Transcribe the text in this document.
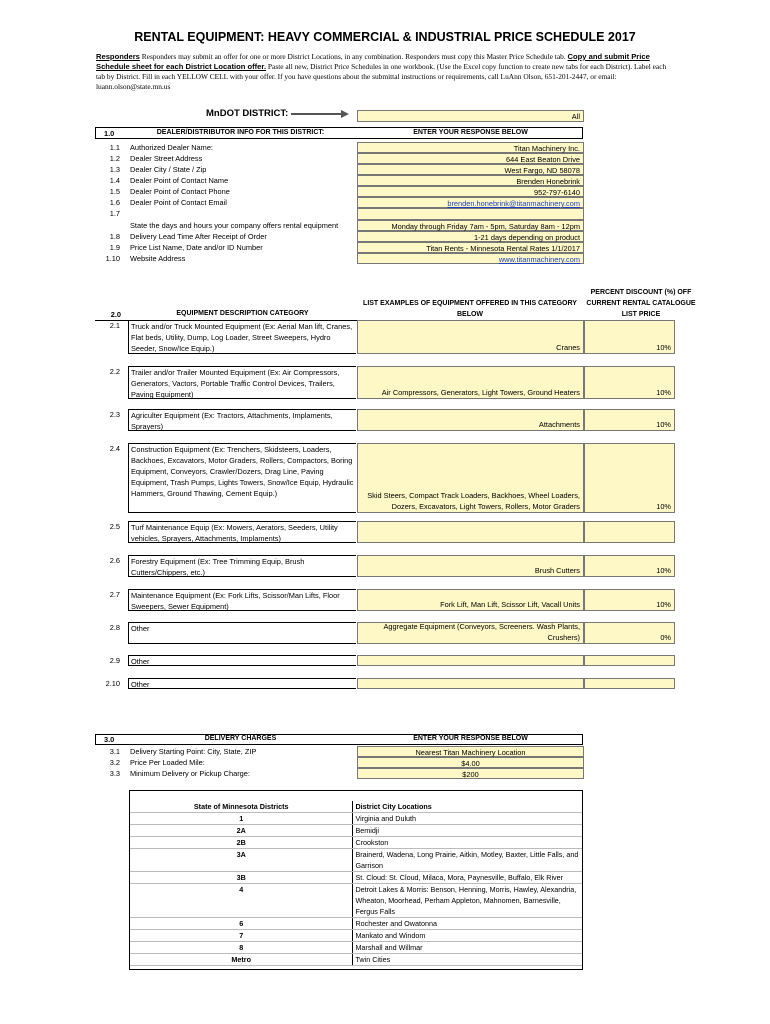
RENTAL EQUIPMENT: HEAVY COMMERCIAL & INDUSTRIAL PRICE SCHEDULE 2017
Responders Responders may submit an offer for one or more District Locations, in any combination. Responders must copy this Master Price Schedule tab. Copy and submit Price Schedule sheet for each District Location offer. Paste all new, District Price Schedules in one workbook. (Use the Excel copy function to create new tabs for each District). Label each tab by District. Fill in each YELLOW CELL with your offer. If you have questions about the submittal instructions or requirements, call LuAnn Olson, 651-201-2447, or email: luann.olson@state.mn.us
MnDOT DISTRICT:	All
1.0	DEALER/DISTRIBUTOR INFO FOR THIS DISTRICT:	ENTER YOUR RESPONSE BELOW
1.1 Authorized Dealer Name:	Titan Machinery Inc.
1.2 Dealer Street Address	644 East Beaton Drive
1.3 Dealer City / State / Zip	West Fargo, ND 58078
1.4 Dealer Point of Contact Name	Brenden Honebrink
1.5 Dealer Point of Contact Phone	952-797-6140
1.6 Dealer Point of Contact Email	brenden.honebrink@titanmachinery.com
1.7
State the days and hours your company offers rental equipment	Monday through Friday 7am - 5pm, Saturday 8am - 12pm
1.8 Delivery Lead Time After Receipt of Order	1-21 days depending on product
1.9 Price List Name, Date and/or ID Number	Titan Rents - Minnesota Rental Rates 1/1/2017
1.10 Website Address	www.titanmachinery.com
PERCENT DISCOUNT (%) OFF CURRENT RENTAL CATALOGUE LIST PRICE
LIST EXAMPLES OF EQUIPMENT OFFERED IN THIS CATEGORY BELOW
2.0	EQUIPMENT DESCRIPTION CATEGORY
2.1	Truck and/or Truck Mounted Equipment (Ex: Aerial Man lift, Cranes, Flat beds, Utility, Dump, Log Loader, Street Sweepers, Hydro Seeder, Snow/Ice Equip.)	Cranes	10%
2.2	Trailer and/or Trailer Mounted Equipment (Ex: Air Compressors, Generators, Vactors, Portable Traffic Control Devices, Trailers, Paving Equipment)	Air Compressors, Generators, Light Towers, Ground Heaters	10%
2.3	Agriculter Equipment (Ex: Tractors, Attachments, Implaments, Sprayers)	Attachments	10%
2.4	Construction Equipment (Ex: Trenchers, Skidsteers, Loaders, Backhoes, Excavators, Motor Graders, Rollers, Compactors, Boring Equipment, Conveyors, Crawler/Dozers, Drag Line, Paving Equipment, Trash Pumps, Lights Towers, Snow/Ice Equip, Hydraulic Hammers, Ground Thawing, Cement Equip.)	Skid Steers, Compact Track Loaders, Backhoes, Wheel Loaders, Dozers, Excavators, Light Towers, Rollers, Motor Graders	10%
2.5	Turf Maintenance Equip (Ex: Mowers, Aerators, Seeders, Utility vehicles, Sprayers, Attachments, Implaments)
2.6	Forestry Equipment (Ex: Tree Trimming Equip, Brush Cutters/Chippers, etc.)	Brush Cutters	10%
2.7	Maintenance Equipment (Ex: Fork Lifts, Scissor/Man Lifts, Floor Sweepers, Sewer Equipment)	Fork Lift, Man Lift, Scissor Lift, Vacall Units	10%
2.8	Other	Aggregate Equipment (Conveyors, Screeners. Wash Plants, Crushers)	0%
2.9	Other
2.10	Other
3.0	DELIVERY CHARGES	ENTER YOUR RESPONSE BELOW
3.1 Delivery Starting Point: City, State, ZIP	Nearest Titan Machinery Location
3.2 Price Per Loaded Mile:	$4.00
3.3 Minimum Delivery or Pickup Charge:	$200
State of Minnesota Districts	District City Locations
1	Virginia and Duluth
2A	Bemidji
2B	Crookston
3A	Brainerd, Wadena, Long Prairie, Aitkin, Motley, Baxter, Little Falls, and Garrison
3B	St. Cloud: St. Cloud, Milaca, Mora, Paynesville, Buffalo, Elk River
4	Detroit Lakes & Morris: Benson, Henning, Morris, Hawley, Alexandria, Wheaton, Moorhead, Perham Appleton, Mahnomen, Barnesville, Fergus Falls
6	Rochester and Owatonna
7	Mankato and Windom
8	Marshall and Willmar
Metro	Twin Cities
